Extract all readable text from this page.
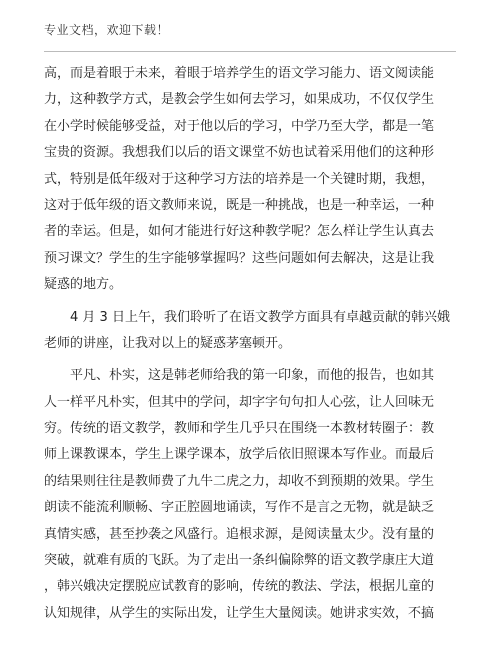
专业文档，欢迎下载！
高，而是着眼于未来，着眼于培养学生的语文学习能力、语文阅读能
力，这种教学方式，是教会学生如何去学习，如果成功，不仅仅学生
在小学时候能够受益，对于他以后的学习，中学乃至大学，都是一笔
宝贵的资源。我想我们以后的语文课堂不妨也试着采用他们的这种形
式，特别是低年级对于这种学习方法的培养是一个关键时期，我想，
这对于低年级的语文教师来说，既是一种挑战，也是一种幸运，一种
者的幸运。但是，如何才能进行好这种教学呢？怎么样让学生认真去
预习课文？学生的生字能够掌握吗？这些问题如何去解决，这是让我
疑惑的地方。
4 月 3 日上午，我们聆听了在语文教学方面具有卓越贡献的韩兴娥
老师的讲座，让我对以上的疑惑茅塞顿开。
平凡、朴实，这是韩老师给我的第一印象，而他的报告，也如其
人一样平凡朴实，但其中的学问，却字字句句扣人心弦，让人回味无
穷。传统的语文教学，教师和学生几乎只在围绕一本教材转圈子：教
师上课教课本，学生上课学课本，放学后依旧照课本写作业。而最后
的结果则往往是教师费了九牛二虎之力，却收不到预期的效果。学生
朗读不能流利顺畅、字正腔圆地诵读，写作不是言之无物，就是缺乏
真情实感，甚至抄袭之风盛行。追根求源，是阅读量太少。没有量的
突破，就难有质的飞跃。为了走出一条纠偏除弊的语文教学康庄大道
，韩兴娥决定摆脱应试教育的影响，传统的教法、学法，根据儿童的
认知规律，从学生的实际出发，让学生大量阅读。她讲求实效，不搞
